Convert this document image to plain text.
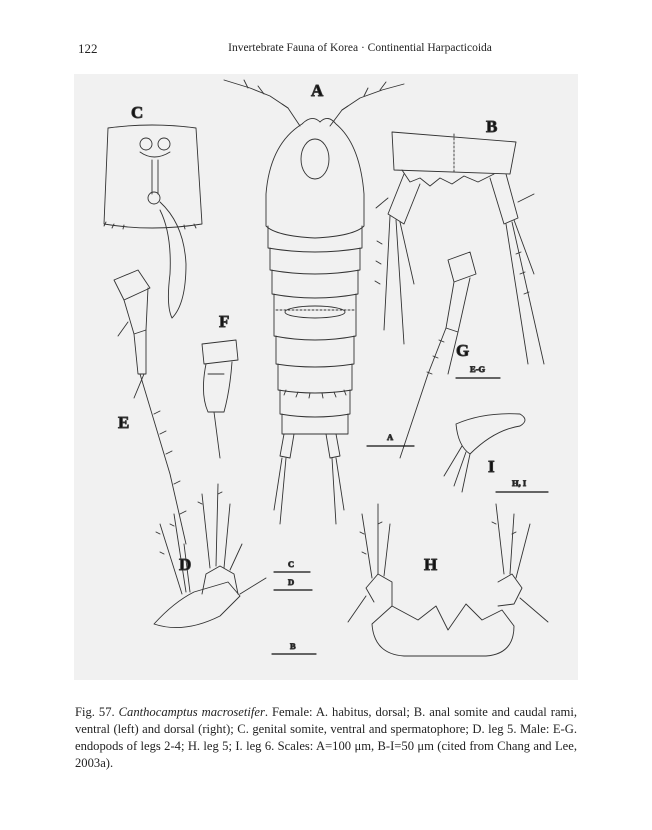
122	Invertebrate Fauna of Korea · Continential Harpacticoida
A
B
C
D
E
F
G
H
I
A
E-G
H, I
C
D
B
Fig. 57. Canthocamptus macrosetifer. Female: A. habitus, dorsal; B. anal somite and caudal rami, ventral (left) and dorsal (right); C. genital somite, ventral and spermatophore; D. leg 5. Male: E-G. endopods of legs 2-4; H. leg 5; I. leg 6. Scales: A=100 μm, B-I=50 μm (cited from Chang and Lee, 2003a).
